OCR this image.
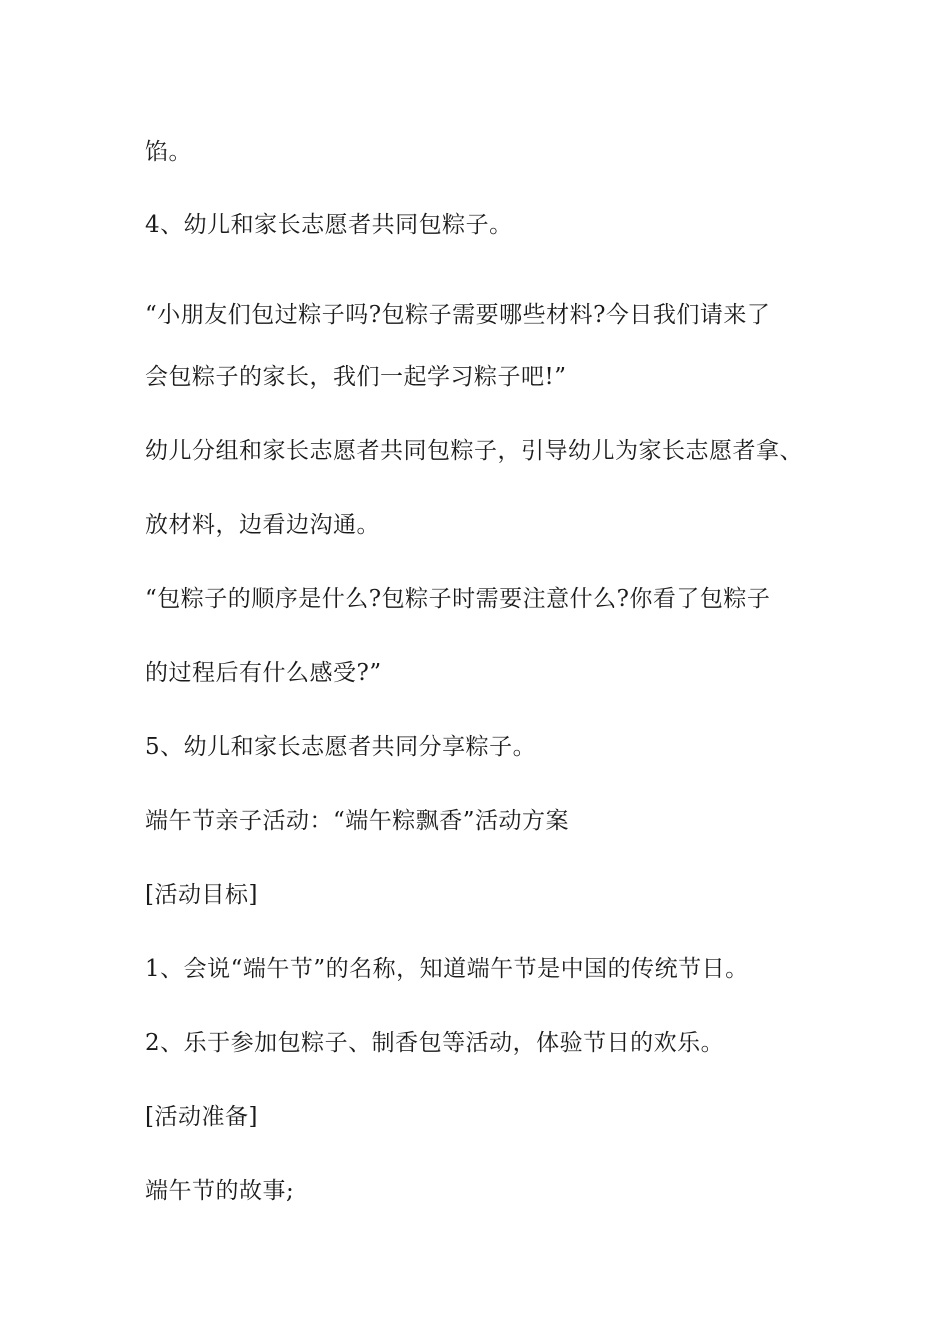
馅。
4、幼儿和家长志愿者共同包粽子。
“小朋友们包过粽子吗?包粽子需要哪些材料?今日我们请来了
会包粽子的家长，我们一起学习粽子吧!”
幼儿分组和家长志愿者共同包粽子，引导幼儿为家长志愿者拿、
放材料，边看边沟通。
“包粽子的顺序是什么?包粽子时需要注意什么?你看了包粽子
的过程后有什么感受?”
5、幼儿和家长志愿者共同分享粽子。
端午节亲子活动：“端午粽飘香”活动方案
[活动目标]
1、会说“端午节”的名称，知道端午节是中国的传统节日。
2、乐于参加包粽子、制香包等活动，体验节日的欢乐。
[活动准备]
端午节的故事;
